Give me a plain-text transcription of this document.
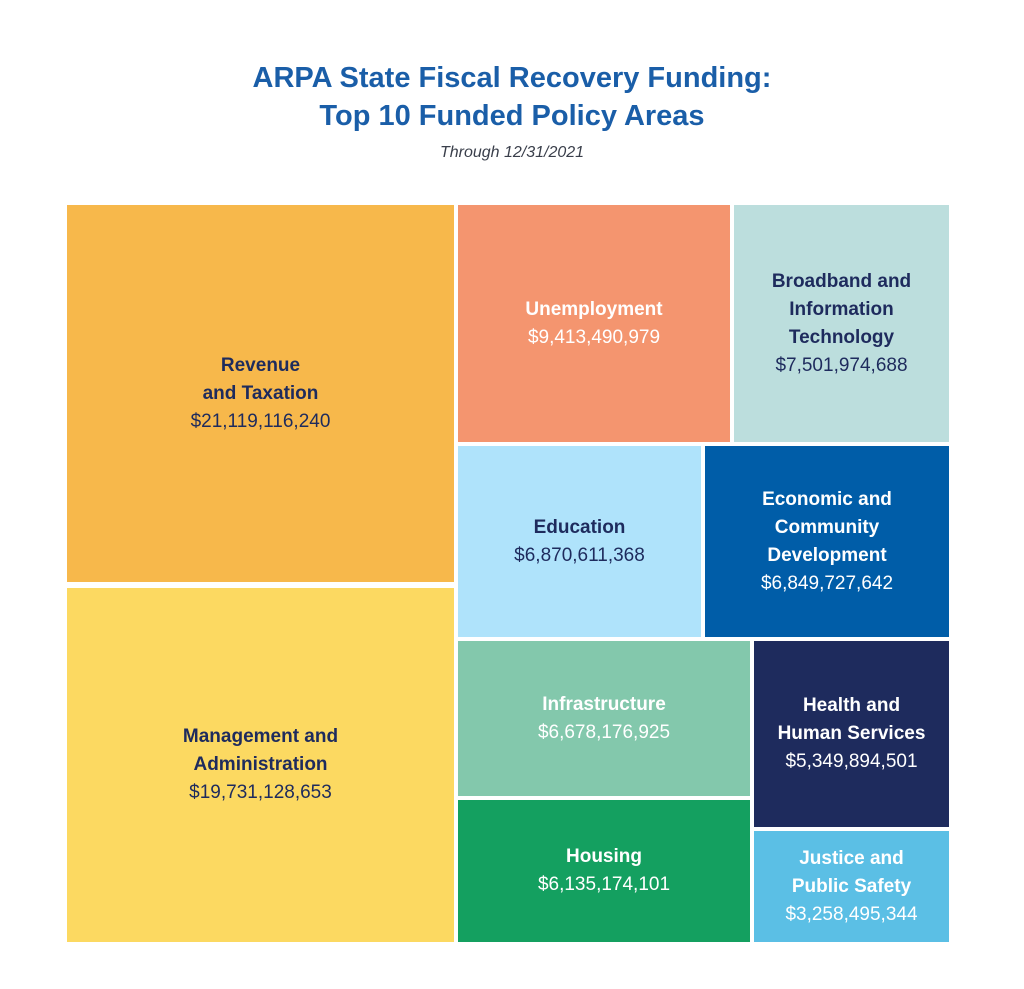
ARPA State Fiscal Recovery Funding:
Top 10 Funded Policy Areas

Through 12/31/2021

Revenue
and Taxation
$21,119,116,240
Management and
Administration
$19,731,128,653
Unemployment
$9,413,490,979
Broadband and
Information
Technology
$7,501,974,688
Education
$6,870,611,368
Economic and
Community
Development
$6,849,727,642
Infrastructure
$6,678,176,925
Health and
Human Services
$5,349,894,501
Housing
$6,135,174,101
Justice and
Public Safety
$3,258,495,344
